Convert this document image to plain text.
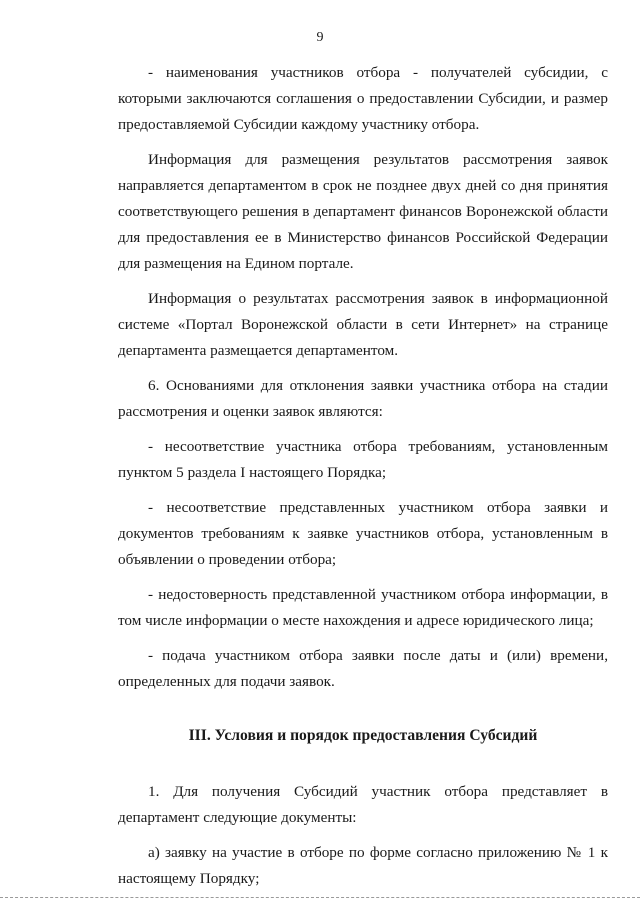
9

- наименования участников отбора - получателей субсидии, с которыми заключаются соглашения о предоставлении Субсидии, и размер предоставляемой Субсидии каждому участнику отбора.

Информация для размещения результатов рассмотрения заявок направляется департаментом в срок не позднее двух дней со дня принятия соответствующего решения в департамент финансов Воронежской области для предоставления ее в Министерство финансов Российской Федерации для размещения на Едином портале.

Информация о результатах рассмотрения заявок в информационной системе «Портал Воронежской области в сети Интернет» на странице департамента размещается департаментом.

6. Основаниями для отклонения заявки участника отбора на стадии рассмотрения и оценки заявок являются:

- несоответствие участника отбора требованиям, установленным пунктом 5 раздела I настоящего Порядка;

- несоответствие представленных участником отбора заявки и документов требованиям к заявке участников отбора, установленным в объявлении о проведении отбора;

- недостоверность представленной участником отбора информации, в том числе информации о месте нахождения и адресе юридического лица;

- подача участником отбора заявки после даты и (или) времени, определенных для подачи заявок.

III. Условия и порядок предоставления Субсидий

1. Для получения Субсидий участник отбора представляет в департамент следующие документы:

а) заявку на участие в отборе по форме согласно приложению № 1 к настоящему Порядку;
